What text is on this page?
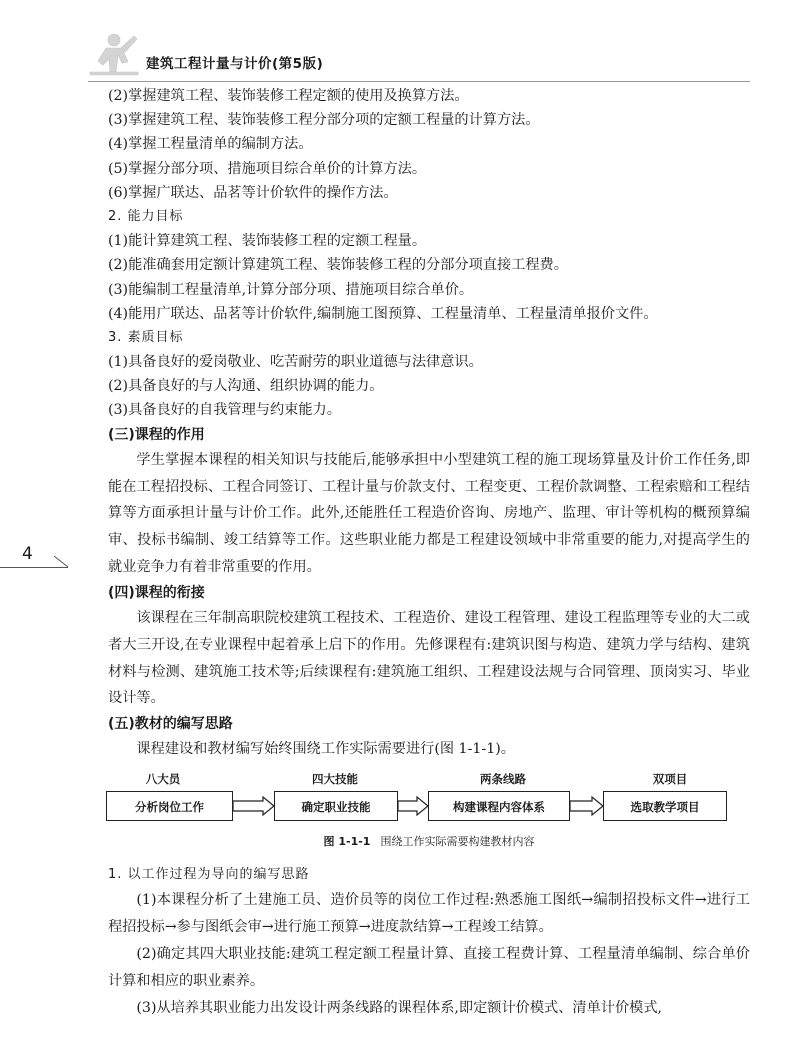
建筑工程计量与计价(第5版)
4
(2)掌握建筑工程、装饰装修工程定额的使用及换算方法。
(3)掌握建筑工程、装饰装修工程分部分项的定额工程量的计算方法。
(4)掌握工程量清单的编制方法。
(5)掌握分部分项、措施项目综合单价的计算方法。
(6)掌握广联达、品茗等计价软件的操作方法。
2. 能力目标
(1)能计算建筑工程、装饰装修工程的定额工程量。
(2)能准确套用定额计算建筑工程、装饰装修工程的分部分项直接工程费。
(3)能编制工程量清单,计算分部分项、措施项目综合单价。
(4)能用广联达、品茗等计价软件,编制施工图预算、工程量清单、工程量清单报价文件。
3. 素质目标
(1)具备良好的爱岗敬业、吃苦耐劳的职业道德与法律意识。
(2)具备良好的与人沟通、组织协调的能力。
(3)具备良好的自我管理与约束能力。
(三)课程的作用
学生掌握本课程的相关知识与技能后,能够承担中小型建筑工程的施工现场算量及计价工作任务,即能在工程招投标、工程合同签订、工程计量与价款支付、工程变更、工程价款调整、工程索赔和工程结算等方面承担计量与计价工作。此外,还能胜任工程造价咨询、房地产、监理、审计等机构的概预算编审、投标书编制、竣工结算等工作。这些职业能力都是工程建设领域中非常重要的能力,对提高学生的就业竞争力有着非常重要的作用。
(四)课程的衔接
该课程在三年制高职院校建筑工程技术、工程造价、建设工程管理、建设工程监理等专业的大二或者大三开设,在专业课程中起着承上启下的作用。先修课程有:建筑识图与构造、建筑力学与结构、建筑材料与检测、建筑施工技术等;后续课程有:建筑施工组织、工程建设法规与合同管理、顶岗实习、毕业设计等。
(五)教材的编写思路
课程建设和教材编写始终围绕工作实际需要进行(图 1-1-1)。
八大员
分析岗位工作
四大技能
确定职业技能
两条线路
构建课程内容体系
双项目
选取教学项目
图 1-1-1 围绕工作实际需要构建教材内容
1. 以工作过程为导向的编写思路
(1)本课程分析了土建施工员、造价员等的岗位工作过程:熟悉施工图纸→编制招投标文件→进行工程招投标→参与图纸会审→进行施工预算→进度款结算→工程竣工结算。
(2)确定其四大职业技能:建筑工程定额工程量计算、直接工程费计算、工程量清单编制、综合单价计算和相应的职业素养。
(3)从培养其职业能力出发设计两条线路的课程体系,即定额计价模式、清单计价模式,
